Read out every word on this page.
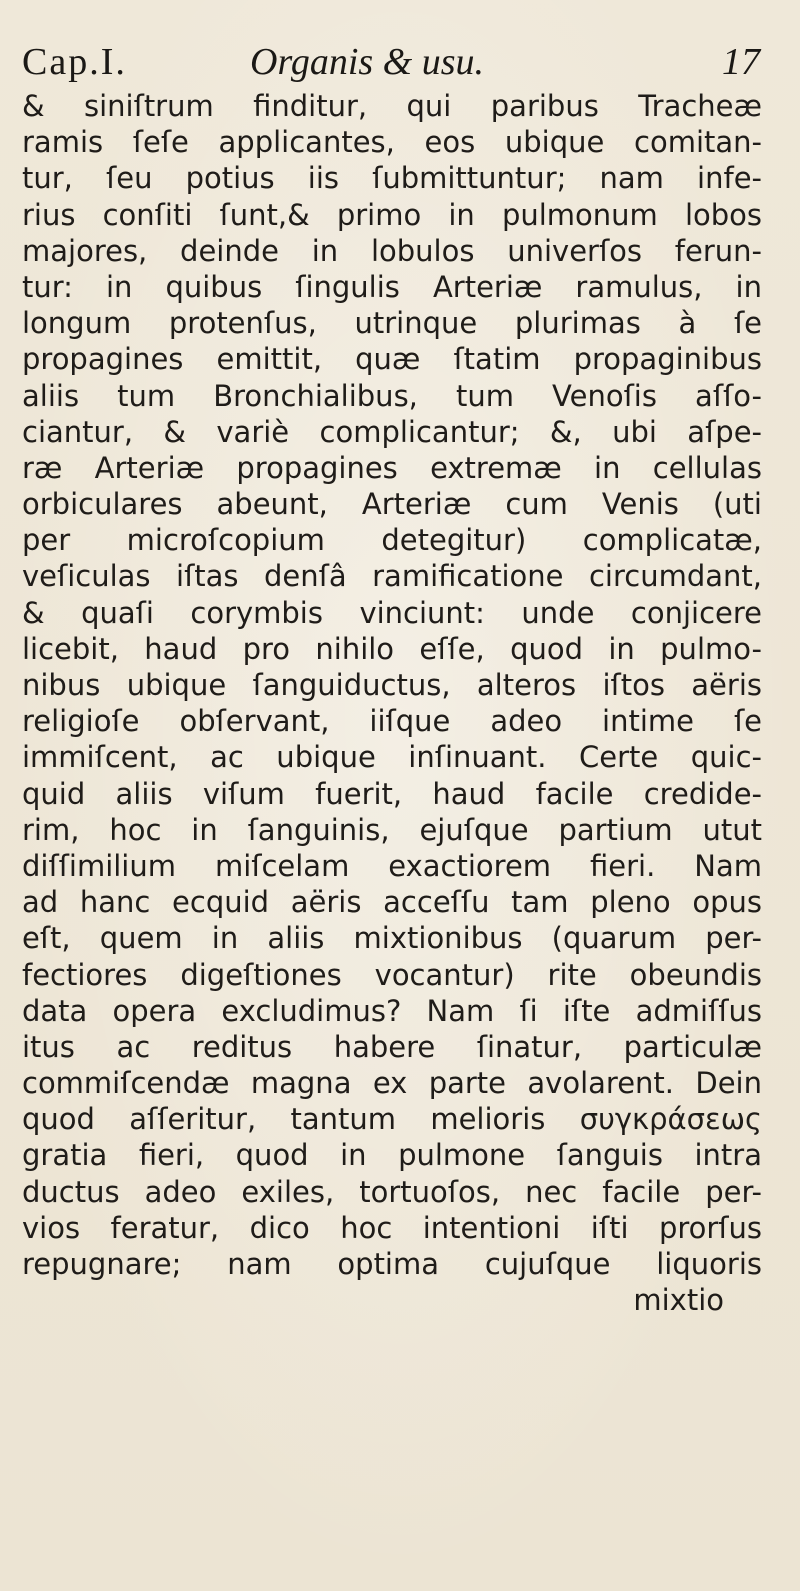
Cap.I.	Organis & usu.	17
& siniſtrum finditur, qui paribus Tracheæ
ramis ſeſe applicantes, eos ubique comitan-
tur, ſeu potius iis ſubmittuntur; nam infe-
rius conſiti ſunt,& primo in pulmonum lobos
majores, deinde in lobulos univerſos ferun-
tur: in quibus ſingulis Arteriæ ramulus, in
longum protenſus, utrinque plurimas à ſe
propagines emittit, quæ ſtatim propaginibus
aliis tum Bronchialibus, tum Venoſis aſſo-
ciantur, & variè complicantur; &, ubi aſpe-
ræ Arteriæ propagines extremæ in cellulas
orbiculares abeunt, Arteriæ cum Venis (uti
per microſcopium detegitur) complicatæ,
veſiculas iſtas denſâ ramificatione circumdant,
& quaſi corymbis vinciunt: unde conjicere
licebit, haud pro nihilo eſſe, quod in pulmo-
nibus ubique ſanguiductus, alteros iſtos aëris
religioſe obſervant, iiſque adeo intime ſe
immiſcent, ac ubique inſinuant. Certe quic-
quid aliis viſum fuerit, haud facile credide-
rim, hoc in ſanguinis, ejuſque partium utut
diſſimilium miſcelam exactiorem fieri. Nam
ad hanc ecquid aëris acceſſu tam pleno opus
eſt, quem in aliis mixtionibus (quarum per-
fectiores digeſtiones vocantur) rite obeundis
data opera excludimus? Nam ſi iſte admiſſus
itus ac reditus habere ſinatur, particulæ
commiſcendæ magna ex parte avolarent. Dein
quod aſſeritur, tantum melioris συγκράσεως
gratia fieri, quod in pulmone ſanguis intra
ductus adeo exiles, tortuoſos, nec facile per-
vios feratur, dico hoc intentioni iſti prorſus
repugnare; nam optima cujuſque liquoris
mixtio
